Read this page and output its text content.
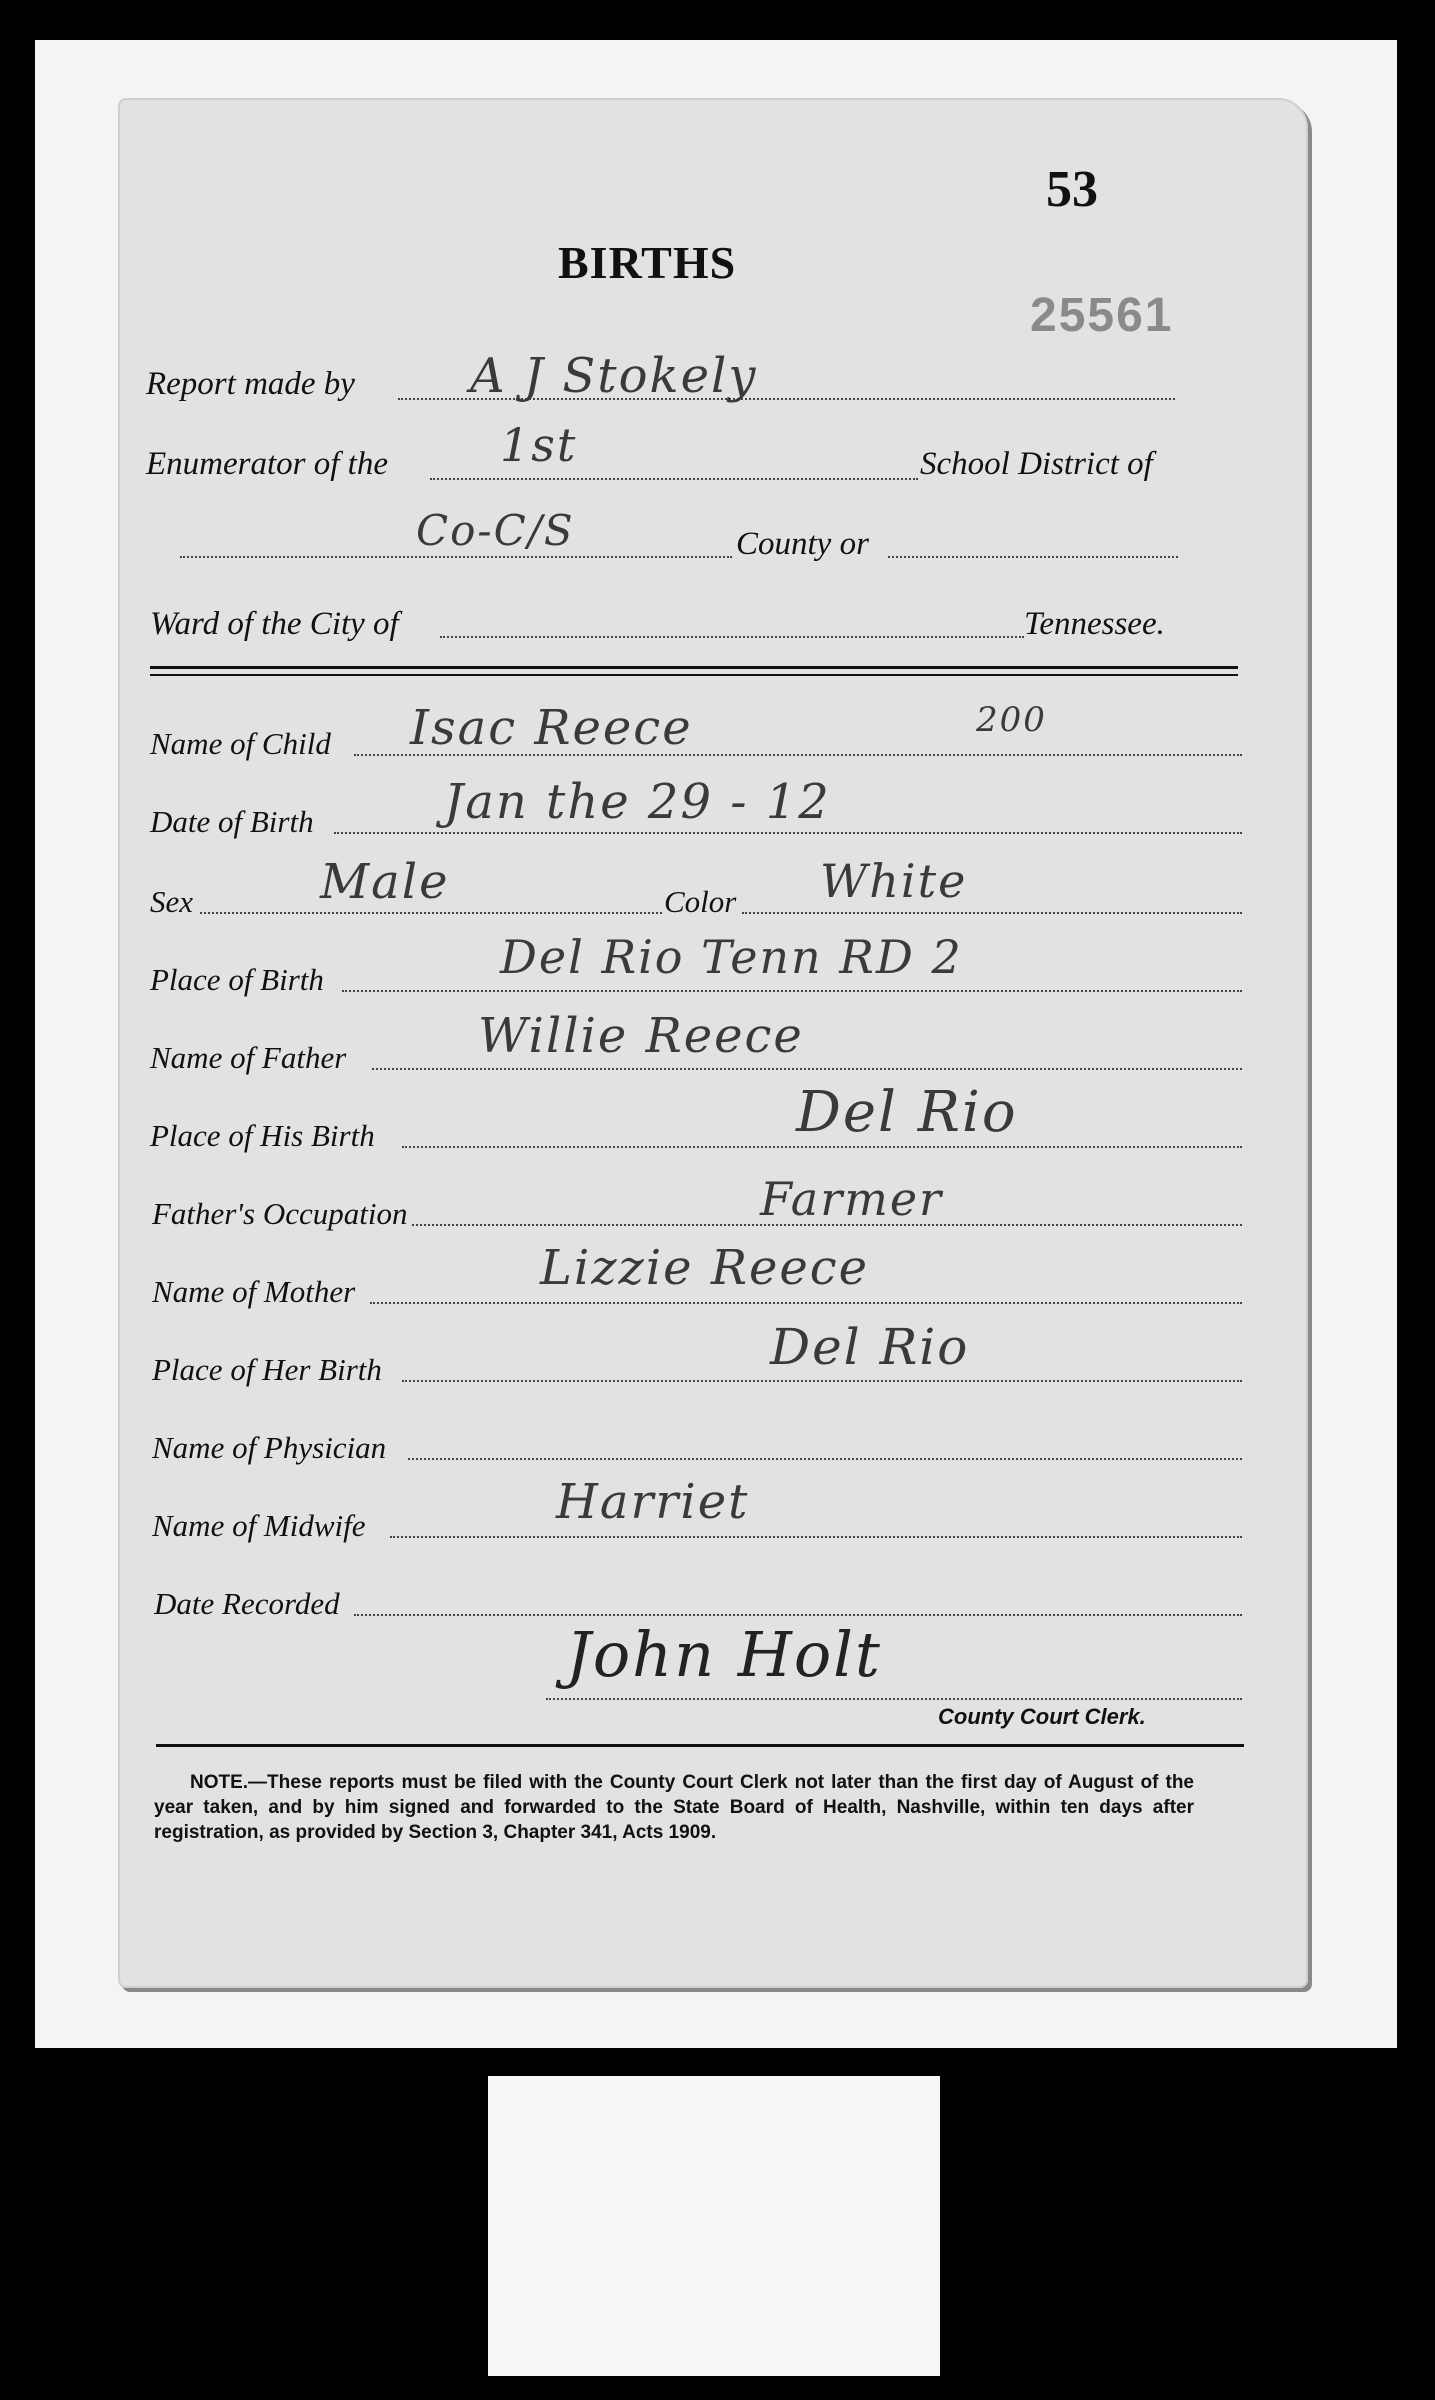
53
25561
BIRTHS
Report made by A J Stokely
Enumerator of the 1st	School District of
Co-C/S	County or
Ward of the City of	Tennessee.
Name of Child Isac Reece	200
Date of Birth	Jan the 29 - 12
Sex	Male	Color White
Place of Birth	Del Rio Tenn RD 2
Name of Father	Willie Reece
Place of His Birth	Del Rio
Father's Occupation	Farmer
Name of Mother	Lizzie Reece
Place of Her Birth	Del Rio
Name of Physician
Name of Midwife	Harriet
Date Recorded
John Holt
County Court Clerk.
NOTE.—These reports must be filed with the County Court Clerk not later than the first day of August of the year taken, and by him signed and forwarded to the State Board of Health, Nashville, within ten days after registration, as provided by Section 3, Chapter 341, Acts 1909.
